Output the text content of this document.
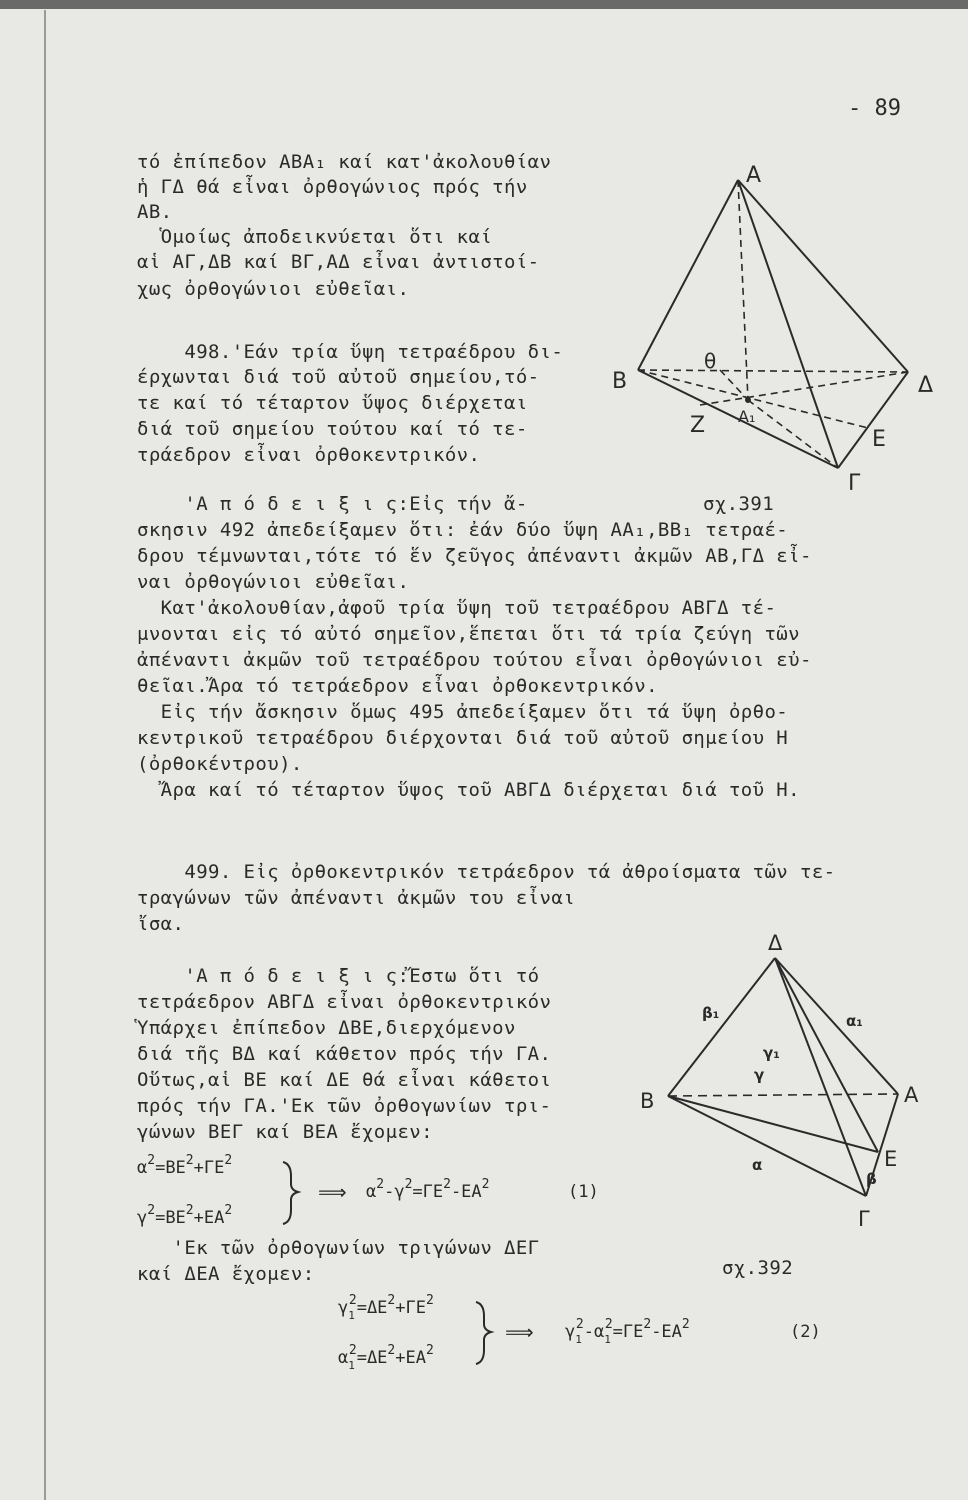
- 89
τό ἐπίπεδον ΑΒΑ₁ καί κατ'ἀκολουθίαν
ἡ ΓΔ θά εἶναι ὀρθογώνιος πρός τήν
ΑΒ.
Ὁμοίως ἀποδεικνύεται ὅτι καί
αἱ ΑΓ,ΔΒ καί ΒΓ,ΑΔ εἶναι ἀντιστοί-
χως ὀρθογώνιοι εὐθεῖαι.
498.'Εάν τρία ὕψη τετραέδρου δι-
έρχωνται διά τοῦ αὐτοῦ σημείου,τό-
τε καί τό τέταρτον ὕψος διέρχεται
διά τοῦ σημείου τούτου καί τό τε-
τράεδρον εἶναι ὀρθοκεντρικόν.
A
B	Δ
Γ
E
Z
θ
A₁
'Α π ό δ ε ι ξ ι ς:Εἰς τήν ἄ-	σχ.391
σκησιν 492 ἀπεδείξαμεν ὅτι: ἐάν δύο ὕψη ΑΑ₁,ΒΒ₁ τετραέ-
δρου τέμνωνται,τότε τό ἕν ζεῦγος ἀπέναντι ἀκμῶν ΑΒ,ΓΔ εἶ-
ναι ὀρθογώνιοι εὐθεῖαι.
Κατ'ἀκολουθίαν,ἀφοῦ τρία ὕψη τοῦ τετραέδρου ΑΒΓΔ τέ-
μνονται εἰς τό αὐτό σημεῖον,ἕπεται ὅτι τά τρία ζεύγη τῶν
ἀπέναντι ἀκμῶν τοῦ τετραέδρου τούτου εἶναι ὀρθογώνιοι εὐ-
θεῖαι.Ἄρα τό τετράεδρον εἶναι ὀρθοκεντρικόν.
Εἰς τήν ἄσκησιν ὅμως 495 ἀπεδείξαμεν ὅτι τά ὕψη ὀρθο-
κεντρικοῦ τετραέδρου διέρχονται διά τοῦ αὐτοῦ σημείου Η
(ὀρθοκέντρου).
Ἄρα καί τό τέταρτον ὕψος τοῦ ΑΒΓΔ διέρχεται διά τοῦ Η.
499. Εἰς ὀρθοκεντρικόν τετράεδρον τά ἀθροίσματα τῶν τε-
τραγώνων τῶν ἀπέναντι ἀκμῶν του εἶναι
ἴσα.
'Α π ό δ ε ι ξ ι ς:Ἔστω ὅτι τό
τετράεδρον ΑΒΓΔ εἶναι ὀρθοκεντρικόν
Ὑπάρχει ἐπίπεδον ΔΒΕ,διερχόμενον
διά τῆς ΒΔ καί κάθετον πρός τήν ΓΑ.
Οὕτως,αἱ ΒΕ καί ΔΕ θά εἶναι κάθετοι
πρός τήν ΓΑ.'Εκ τῶν ὀρθογωνίων τρι-
γώνων ΒΕΓ καί ΒΕΑ ἔχομεν:
Δ
B	A
Γ
E
β₁	α₁
γ₁
γ
α
β
$\alpha^2=BE^2+\Gamma E^2$
$\gamma^2=BE^2+EA^2$
⟹ $\alpha^2-\gamma^2=\Gamma E^2-EA^2$	(1)
'Εκ τῶν ὀρθογωνίων τριγώνων ΔΕΓ
καί ΔΕΑ ἔχομεν:	σχ.392
$\gamma_1^2=\Delta E^2+\Gamma E^2$
$\alpha_1^2=\Delta E^2+EA^2$
⟹ $\gamma_1^2-\alpha_1^2=\Gamma E^2-EA^2$	(2)
